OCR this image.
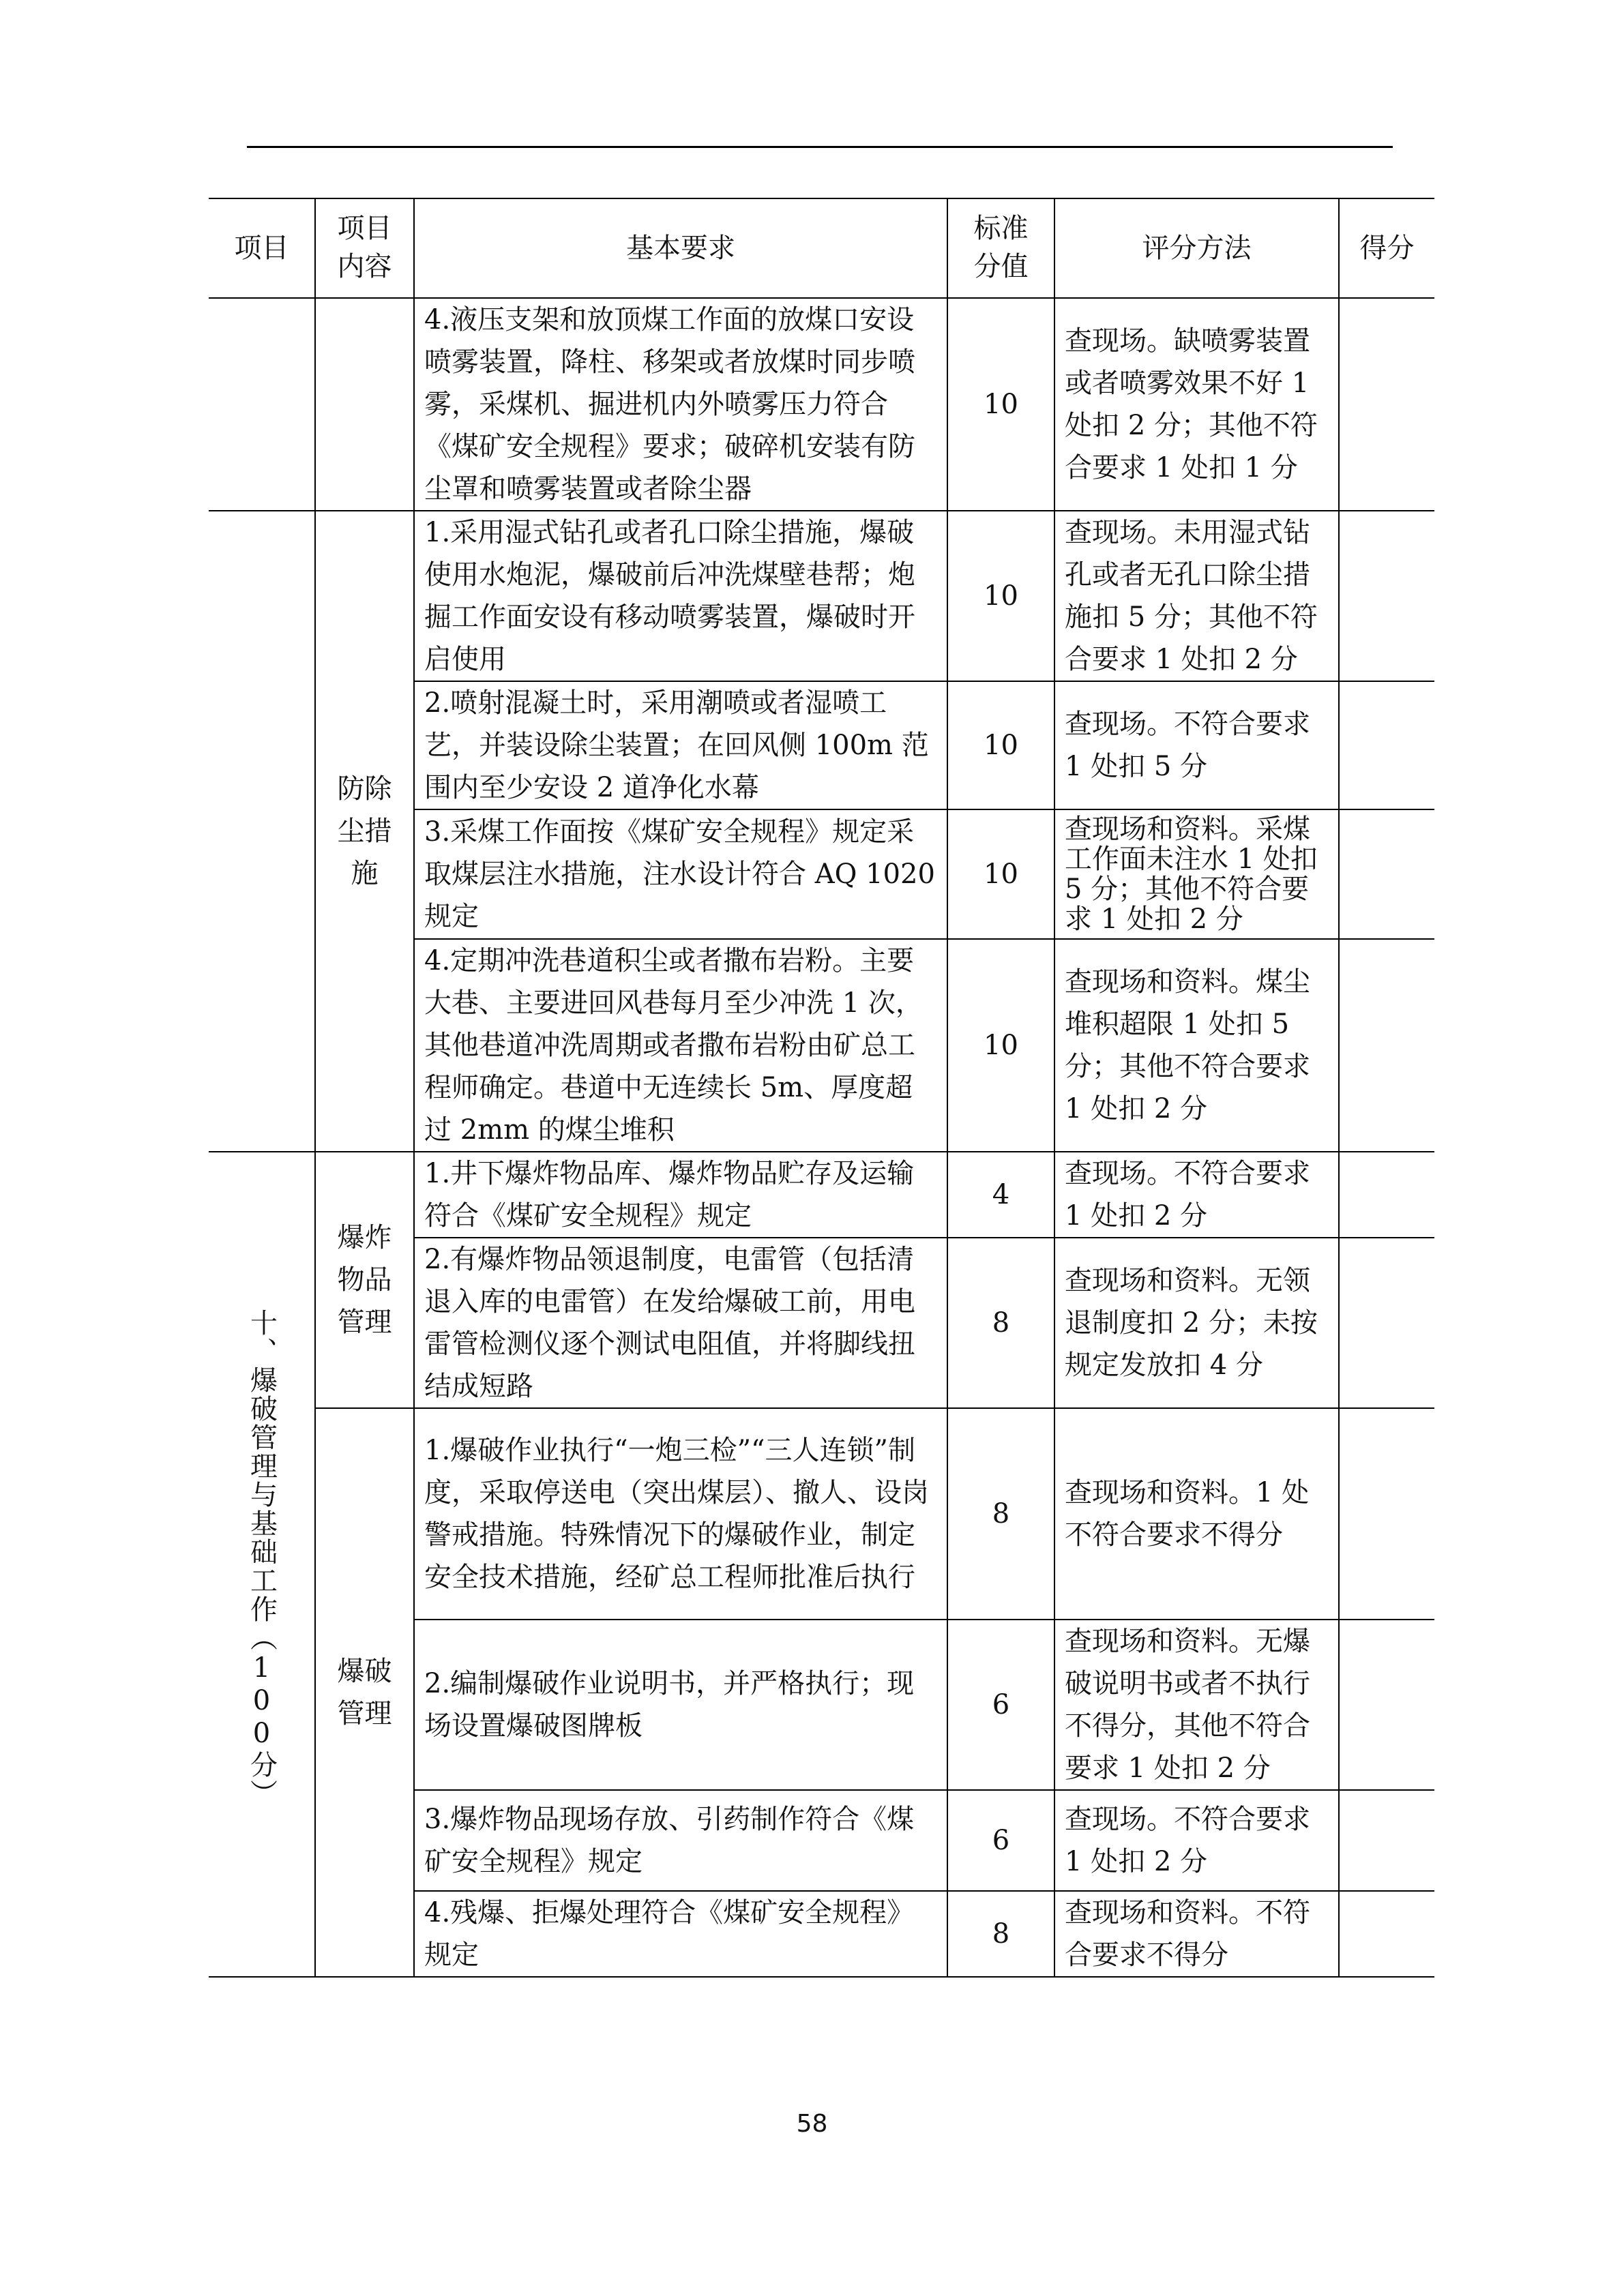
项目	项目内容	基本要求	标准分值	评分方法	得分
		4.液压支架和放顶煤工作面的放煤口安设喷雾装置，降柱、移架或者放煤时同步喷雾，采煤机、掘进机内外喷雾压力符合《煤矿安全规程》要求；破碎机安装有防尘罩和喷雾装置或者除尘器	10	查现场。缺喷雾装置或者喷雾效果不好 1 处扣 2 分；其他不符合要求 1 处扣 1 分	
	防除尘措施	1.采用湿式钻孔或者孔口除尘措施，爆破使用水炮泥，爆破前后冲洗煤壁巷帮；炮掘工作面安设有移动喷雾装置，爆破时开启使用	10	查现场。未用湿式钻孔或者无孔口除尘措施扣 5 分；其他不符合要求 1 处扣 2 分	
		2.喷射混凝土时，采用潮喷或者湿喷工艺，并装设除尘装置；在回风侧 100m 范围内至少安设 2 道净化水幕	10	查现场。不符合要求 1 处扣 5 分	
		3.采煤工作面按《煤矿安全规程》规定采取煤层注水措施，注水设计符合 AQ 1020 规定	10	查现场和资料。采煤工作面未注水 1 处扣 5 分；其他不符合要求 1 处扣 2 分	
		4.定期冲洗巷道积尘或者撒布岩粉。主要大巷、主要进回风巷每月至少冲洗 1 次，其他巷道冲洗周期或者撒布岩粉由矿总工程师确定。巷道中无连续长 5m、厚度超过 2mm 的煤尘堆积	10	查现场和资料。煤尘堆积超限 1 处扣 5 分；其他不符合要求 1 处扣 2 分	
十、爆破管理与基础工作（100分）	爆炸物品管理	1.井下爆炸物品库、爆炸物品贮存及运输符合《煤矿安全规程》规定	4	查现场。不符合要求 1 处扣 2 分	
		2.有爆炸物品领退制度，电雷管（包括清退入库的电雷管）在发给爆破工前，用电雷管检测仪逐个测试电阻值，并将脚线扭结成短路	8	查现场和资料。无领退制度扣 2 分；未按规定发放扣 4 分	
	爆破管理	1.爆破作业执行“一炮三检”“三人连锁”制度，采取停送电（突出煤层）、撤人、设岗警戒措施。特殊情况下的爆破作业，制定安全技术措施，经矿总工程师批准后执行	8	查现场和资料。1 处不符合要求不得分	
		2.编制爆破作业说明书，并严格执行；现场设置爆破图牌板	6	查现场和资料。无爆破说明书或者不执行不得分，其他不符合要求 1 处扣 2 分	
		3.爆炸物品现场存放、引药制作符合《煤矿安全规程》规定	6	查现场。不符合要求 1 处扣 2 分	
		4.残爆、拒爆处理符合《煤矿安全规程》规定	8	查现场和资料。不符合要求不得分	
58
